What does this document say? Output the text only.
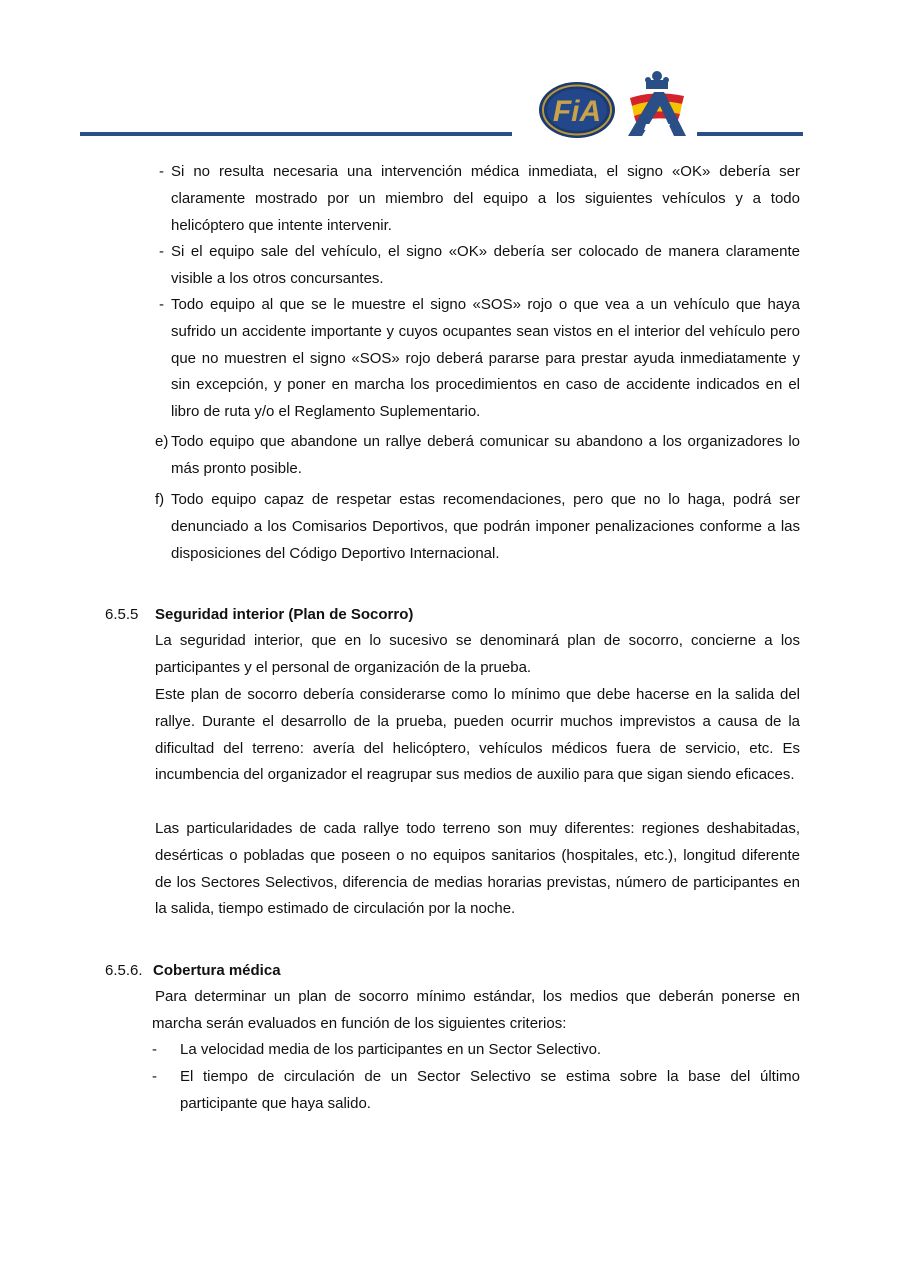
FiA
- Si no resulta necesaria una intervención médica inmediata, el signo «OK» debería ser claramente mostrado por un miembro del equipo a los siguientes vehículos y a todo helicóptero que intente intervenir.
- Si el equipo sale del vehículo, el signo «OK» debería ser colocado de manera claramente visible a los otros concursantes.
- Todo equipo al que se le muestre el signo «SOS» rojo o que vea a un vehículo que haya sufrido un accidente importante y cuyos ocupantes sean vistos en el interior del vehículo pero que no muestren el signo «SOS» rojo deberá pararse para prestar ayuda inmediatamente y sin excepción, y poner en marcha los procedimientos en caso de accidente indicados en el libro de ruta y/o el Reglamento Suplementario.
e) Todo equipo que abandone un rallye deberá comunicar su abandono a los organizadores lo más pronto posible.
f) Todo equipo capaz de respetar estas recomendaciones, pero que no lo haga, podrá ser denunciado a los Comisarios Deportivos, que podrán imponer penalizaciones conforme a las disposiciones del Código Deportivo Internacional.
6.5.5 Seguridad interior (Plan de Socorro)
La seguridad interior, que en lo sucesivo se denominará plan de socorro, concierne a los participantes y el personal de organización de la prueba.
Este plan de socorro debería considerarse como lo mínimo que debe hacerse en la salida del rallye. Durante el desarrollo de la prueba, pueden ocurrir muchos imprevistos a causa de la dificultad del terreno: avería del helicóptero, vehículos médicos fuera de servicio, etc. Es incumbencia del organizador el reagrupar sus medios de auxilio para que sigan siendo eficaces.
Las particularidades de cada rallye todo terreno son muy diferentes: regiones deshabitadas, desérticas o pobladas que poseen o no equipos sanitarios (hospitales, etc.), longitud diferente de los Sectores Selectivos, diferencia de medias horarias previstas, número de participantes en la salida, tiempo estimado de circulación por la noche.
6.5.6. Cobertura médica
Para determinar un plan de socorro mínimo estándar, los medios que deberán ponerse en marcha serán evaluados en función de los siguientes criterios:
- La velocidad media de los participantes en un Sector Selectivo.
- El tiempo de circulación de un Sector Selectivo se estima sobre la base del último participante que haya salido.
